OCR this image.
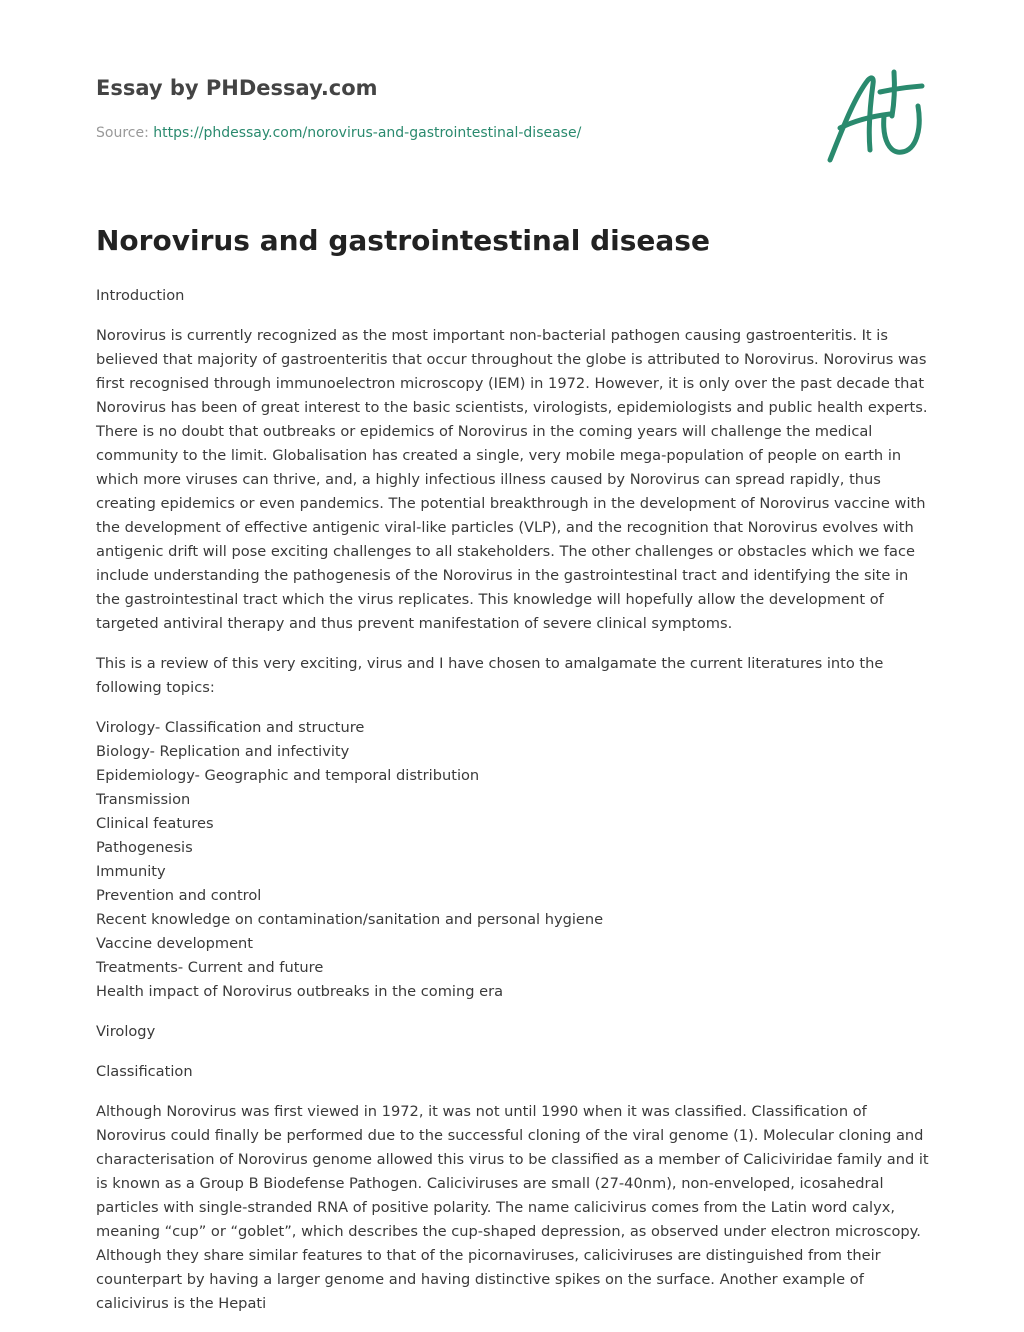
Essay by PHDessay.com

Source: https://phdessay.com/norovirus-and-gastrointestinal-disease/

Norovirus and gastrointestinal disease

Introduction

Norovirus is currently recognized as the most important non-bacterial pathogen causing gastroenteritis. It is believed that majority of gastroenteritis that occur throughout the globe is attributed to Norovirus. Norovirus was first recognised through immunoelectron microscopy (IEM) in 1972. However, it is only over the past decade that Norovirus has been of great interest to the basic scientists, virologists, epidemiologists and public health experts. There is no doubt that outbreaks or epidemics of Norovirus in the coming years will challenge the medical community to the limit. Globalisation has created a single, very mobile mega-population of people on earth in which more viruses can thrive, and, a highly infectious illness caused by Norovirus can spread rapidly, thus creating epidemics or even pandemics. The potential breakthrough in the development of Norovirus vaccine with the development of effective antigenic viral-like particles (VLP), and the recognition that Norovirus evolves with antigenic drift will pose exciting challenges to all stakeholders. The other challenges or obstacles which we face include understanding the pathogenesis of the Norovirus in the gastrointestinal tract and identifying the site in the gastrointestinal tract which the virus replicates. This knowledge will hopefully allow the development of targeted antiviral therapy and thus prevent manifestation of severe clinical symptoms.

This is a review of this very exciting, virus and I have chosen to amalgamate the current literatures into the following topics:

Virology- Classification and structure
Biology- Replication and infectivity
Epidemiology- Geographic and temporal distribution
Transmission
Clinical features
Pathogenesis
Immunity
Prevention and control
Recent knowledge on contamination/sanitation and personal hygiene
Vaccine development
Treatments- Current and future
Health impact of Norovirus outbreaks in the coming era

Virology

Classification

Although Norovirus was first viewed in 1972, it was not until 1990 when it was classified. Classification of Norovirus could finally be performed due to the successful cloning of the viral genome (1). Molecular cloning and characterisation of Norovirus genome allowed this virus to be classified as a member of Caliciviridae family and it is known as a Group B Biodefense Pathogen. Caliciviruses are small (27-40nm), non-enveloped, icosahedral particles with single-stranded RNA of positive polarity. The name calicivirus comes from the Latin word calyx, meaning “cup” or “goblet”, which describes the cup-shaped depression, as observed under electron microscopy. Although they share similar features to that of the picornaviruses, caliciviruses are distinguished from their counterpart by having a larger genome and having distinctive spikes on the surface. Another example of calicivirus is the Hepati
